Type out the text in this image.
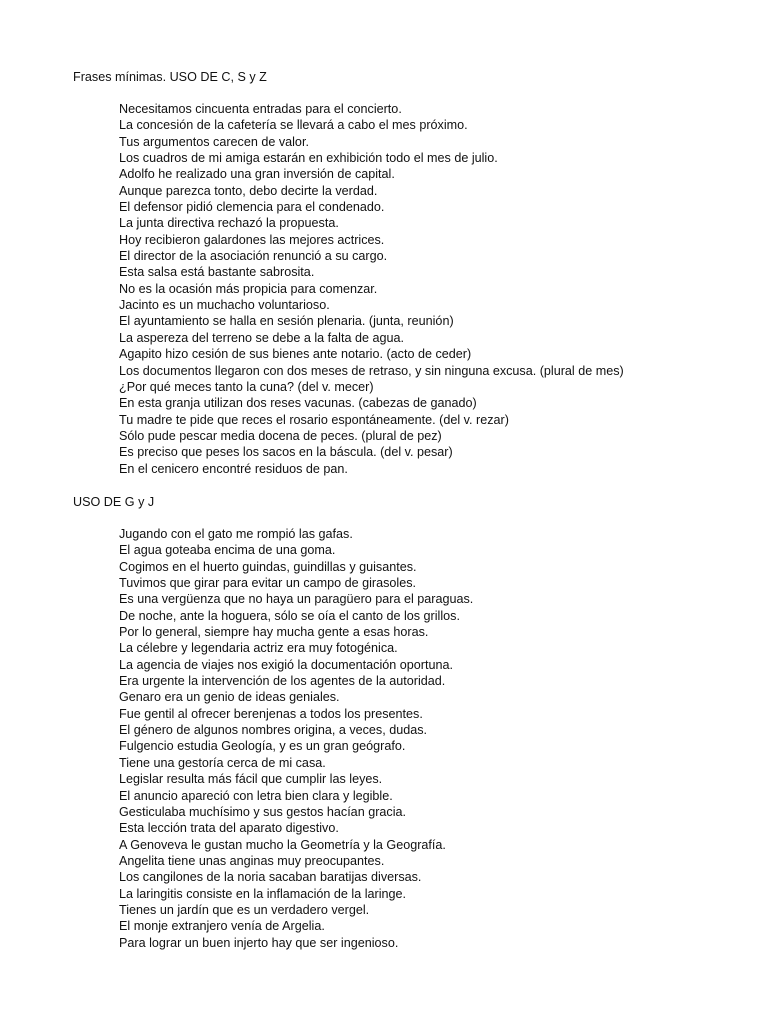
Frases mínimas. USO DE C, S y Z
Necesitamos cincuenta entradas para el concierto.
La concesión de la cafetería se llevará a cabo el mes próximo.
Tus argumentos carecen de valor.
Los cuadros de mi amiga estarán en exhibición todo el mes de julio.
Adolfo he realizado una gran inversión de capital.
Aunque parezca tonto, debo decirte la verdad.
El defensor pidió clemencia para el condenado.
La junta directiva rechazó la propuesta.
Hoy recibieron galardones las mejores actrices.
El director de la asociación renunció a su cargo.
Esta salsa está bastante sabrosita.
No es la ocasión más propicia para comenzar.
Jacinto es un muchacho voluntarioso.
El ayuntamiento se halla en sesión plenaria. (junta, reunión)
La aspereza del terreno se debe a la falta de agua.
Agapito hizo cesión de sus bienes ante notario. (acto de ceder)
Los documentos llegaron con dos meses de retraso, y sin ninguna excusa. (plural de mes)
¿Por qué meces tanto la cuna? (del v. mecer)
En esta granja utilizan dos reses vacunas. (cabezas de ganado)
Tu madre te pide que reces el rosario espontáneamente. (del v. rezar)
Sólo pude pescar media docena de peces. (plural de pez)
Es preciso que peses los sacos en la báscula. (del v. pesar)
En el cenicero encontré residuos de pan.
USO DE G y J
Jugando con el gato me rompió las gafas.
El agua goteaba encima de una goma.
Cogimos en el huerto guindas, guindillas y guisantes.
Tuvimos que girar para evitar un campo de girasoles.
Es una vergüenza que no haya un paragüero para el paraguas.
De noche, ante la hoguera, sólo se oía el canto de los grillos.
Por lo general, siempre hay mucha gente a esas horas.
La célebre y legendaria actriz era muy fotogénica.
La agencia de viajes nos exigió la documentación oportuna.
Era urgente la intervención de los agentes de la autoridad.
Genaro era un genio de ideas geniales.
Fue gentil al ofrecer berenjenas a todos los presentes.
El género de algunos nombres origina, a veces, dudas.
Fulgencio estudia Geología, y es un gran geógrafo.
Tiene una gestoría cerca de mi casa.
Legislar resulta más fácil que cumplir las leyes.
El anuncio apareció con letra bien clara y legible.
Gesticulaba muchísimo y sus gestos hacían gracia.
Esta lección trata del aparato digestivo.
A Genoveva le gustan mucho la Geometría y la Geografía.
Angelita tiene unas anginas muy preocupantes.
Los cangilones de la noria sacaban baratijas diversas.
La laringitis consiste en la inflamación de la laringe.
Tienes un jardín que es un verdadero vergel.
El monje extranjero venía de Argelia.
Para lograr un buen injerto hay que ser ingenioso.
